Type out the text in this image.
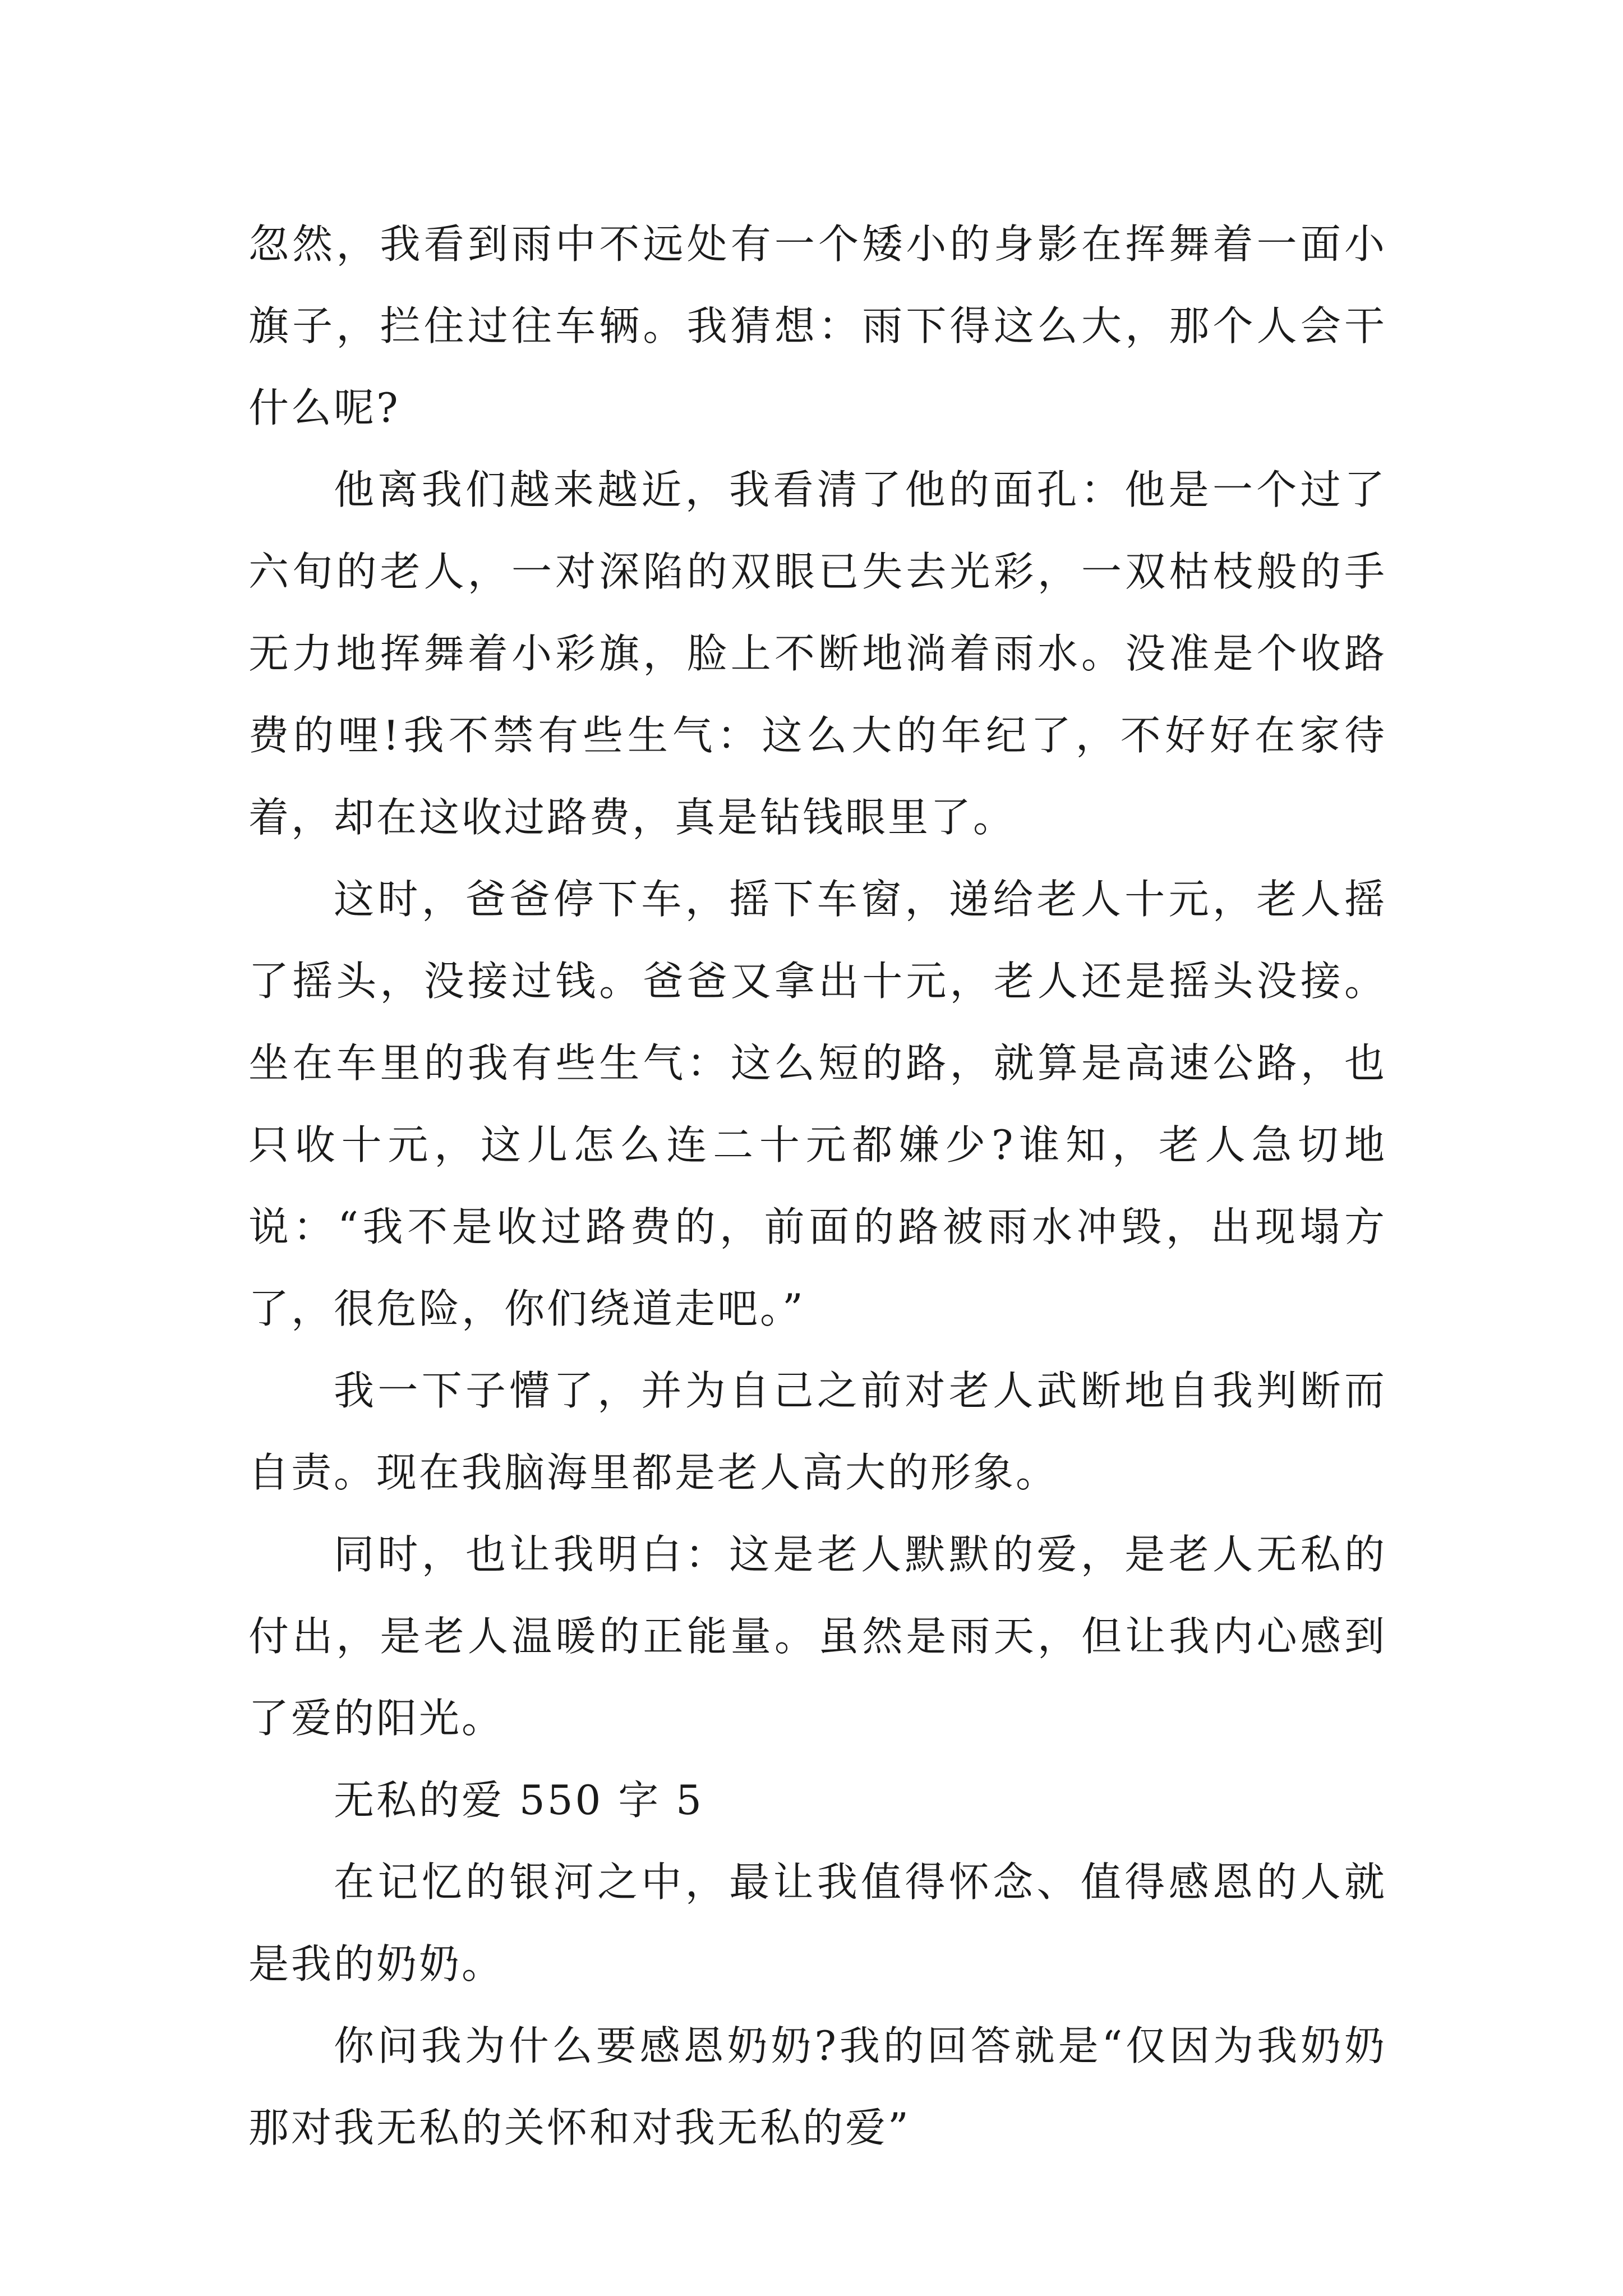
忽然，我看到雨中不远处有一个矮小的身影在挥舞着一面小旗子，拦住过往车辆。我猜想：雨下得这么大，那个人会干什么呢?

他离我们越来越近，我看清了他的面孔：他是一个过了六旬的老人，一对深陷的双眼已失去光彩，一双枯枝般的手无力地挥舞着小彩旗，脸上不断地淌着雨水。没准是个收路费的哩!我不禁有些生气：这么大的年纪了，不好好在家待着，却在这收过路费，真是钻钱眼里了。

这时，爸爸停下车，摇下车窗，递给老人十元，老人摇了摇头，没接过钱。爸爸又拿出十元，老人还是摇头没接。坐在车里的我有些生气：这么短的路，就算是高速公路，也只收十元，这儿怎么连二十元都嫌少?谁知，老人急切地说：“我不是收过路费的，前面的路被雨水冲毁，出现塌方了，很危险，你们绕道走吧。”

我一下子懵了，并为自己之前对老人武断地自我判断而自责。现在我脑海里都是老人高大的形象。

同时，也让我明白：这是老人默默的爱，是老人无私的付出，是老人温暖的正能量。虽然是雨天，但让我内心感到了爱的阳光。

无私的爱 550 字 5

在记忆的银河之中，最让我值得怀念、值得感恩的人就是我的奶奶。

你问我为什么要感恩奶奶?我的回答就是“仅因为我奶奶那对我无私的关怀和对我无私的爱”
